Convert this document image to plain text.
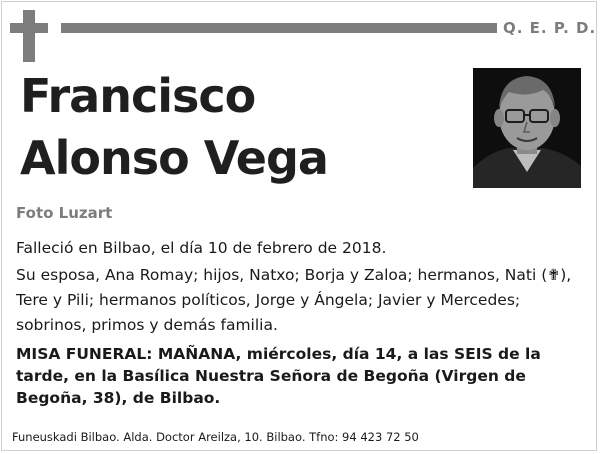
Q. E. P. D.
Francisco
Alonso Vega
Foto Luzart
Falleció en Bilbao, el día 10 de febrero de 2018.
Su esposa, Ana Romay; hijos, Natxo; Borja y Zaloa; hermanos, Nati (✟), Tere y Pili; hermanos políticos, Jorge y Ángela; Javier y Mercedes; sobrinos, primos y demás familia.
MISA FUNERAL: MAÑANA, miércoles, día 14, a las SEIS de la tarde, en la Basílica Nuestra Señora de Begoña (Virgen de Begoña, 38), de Bilbao.
Funeuskadi Bilbao. Alda. Doctor Areilza, 10. Bilbao. Tfno: 94 423 72 50
